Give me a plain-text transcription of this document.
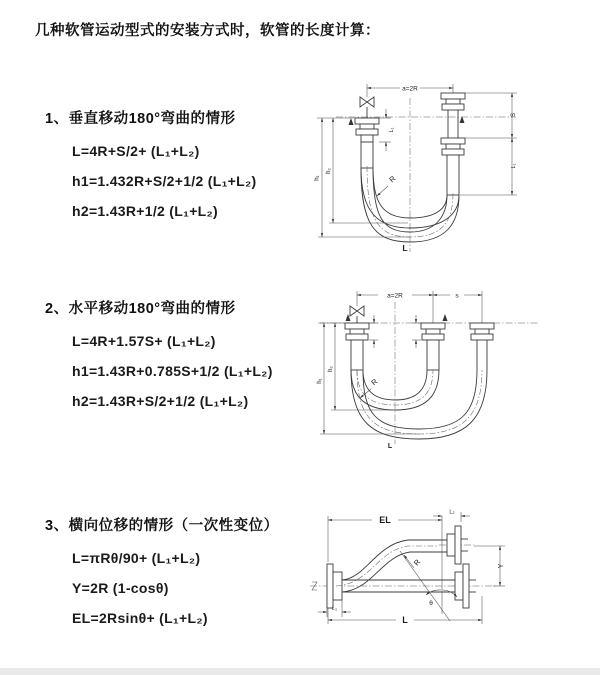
几种软管运动型式的安装方式时，软管的长度计算：

1、垂直移动180°弯曲的情形

L=4R+S/2+ (L₁+L₂)
h1=1.432R+S/2+1/2 (L₁+L₂)
h2=1.43R+1/2 (L₁+L₂)

2、水平移动180°弯曲的情形

L=4R+1.57S+ (L₁+L₂)
h1=1.43R+0.785S+1/2 (L₁+L₂)
h2=1.43R+S/2+1/2 (L₁+L₂)

3、横向位移的情形（一次性变位）

L=πRθ/90+ (L₁+L₂)
Y=2R (1-cosθ)
EL=2Rsinθ+ (L₁+L₂)
a=2R
h₁
h₂
L₁
S
L₁
R
L
a=2R	s
h₁
h₂
R
L
EL
L₂
θ
R	Y
L
L₁
